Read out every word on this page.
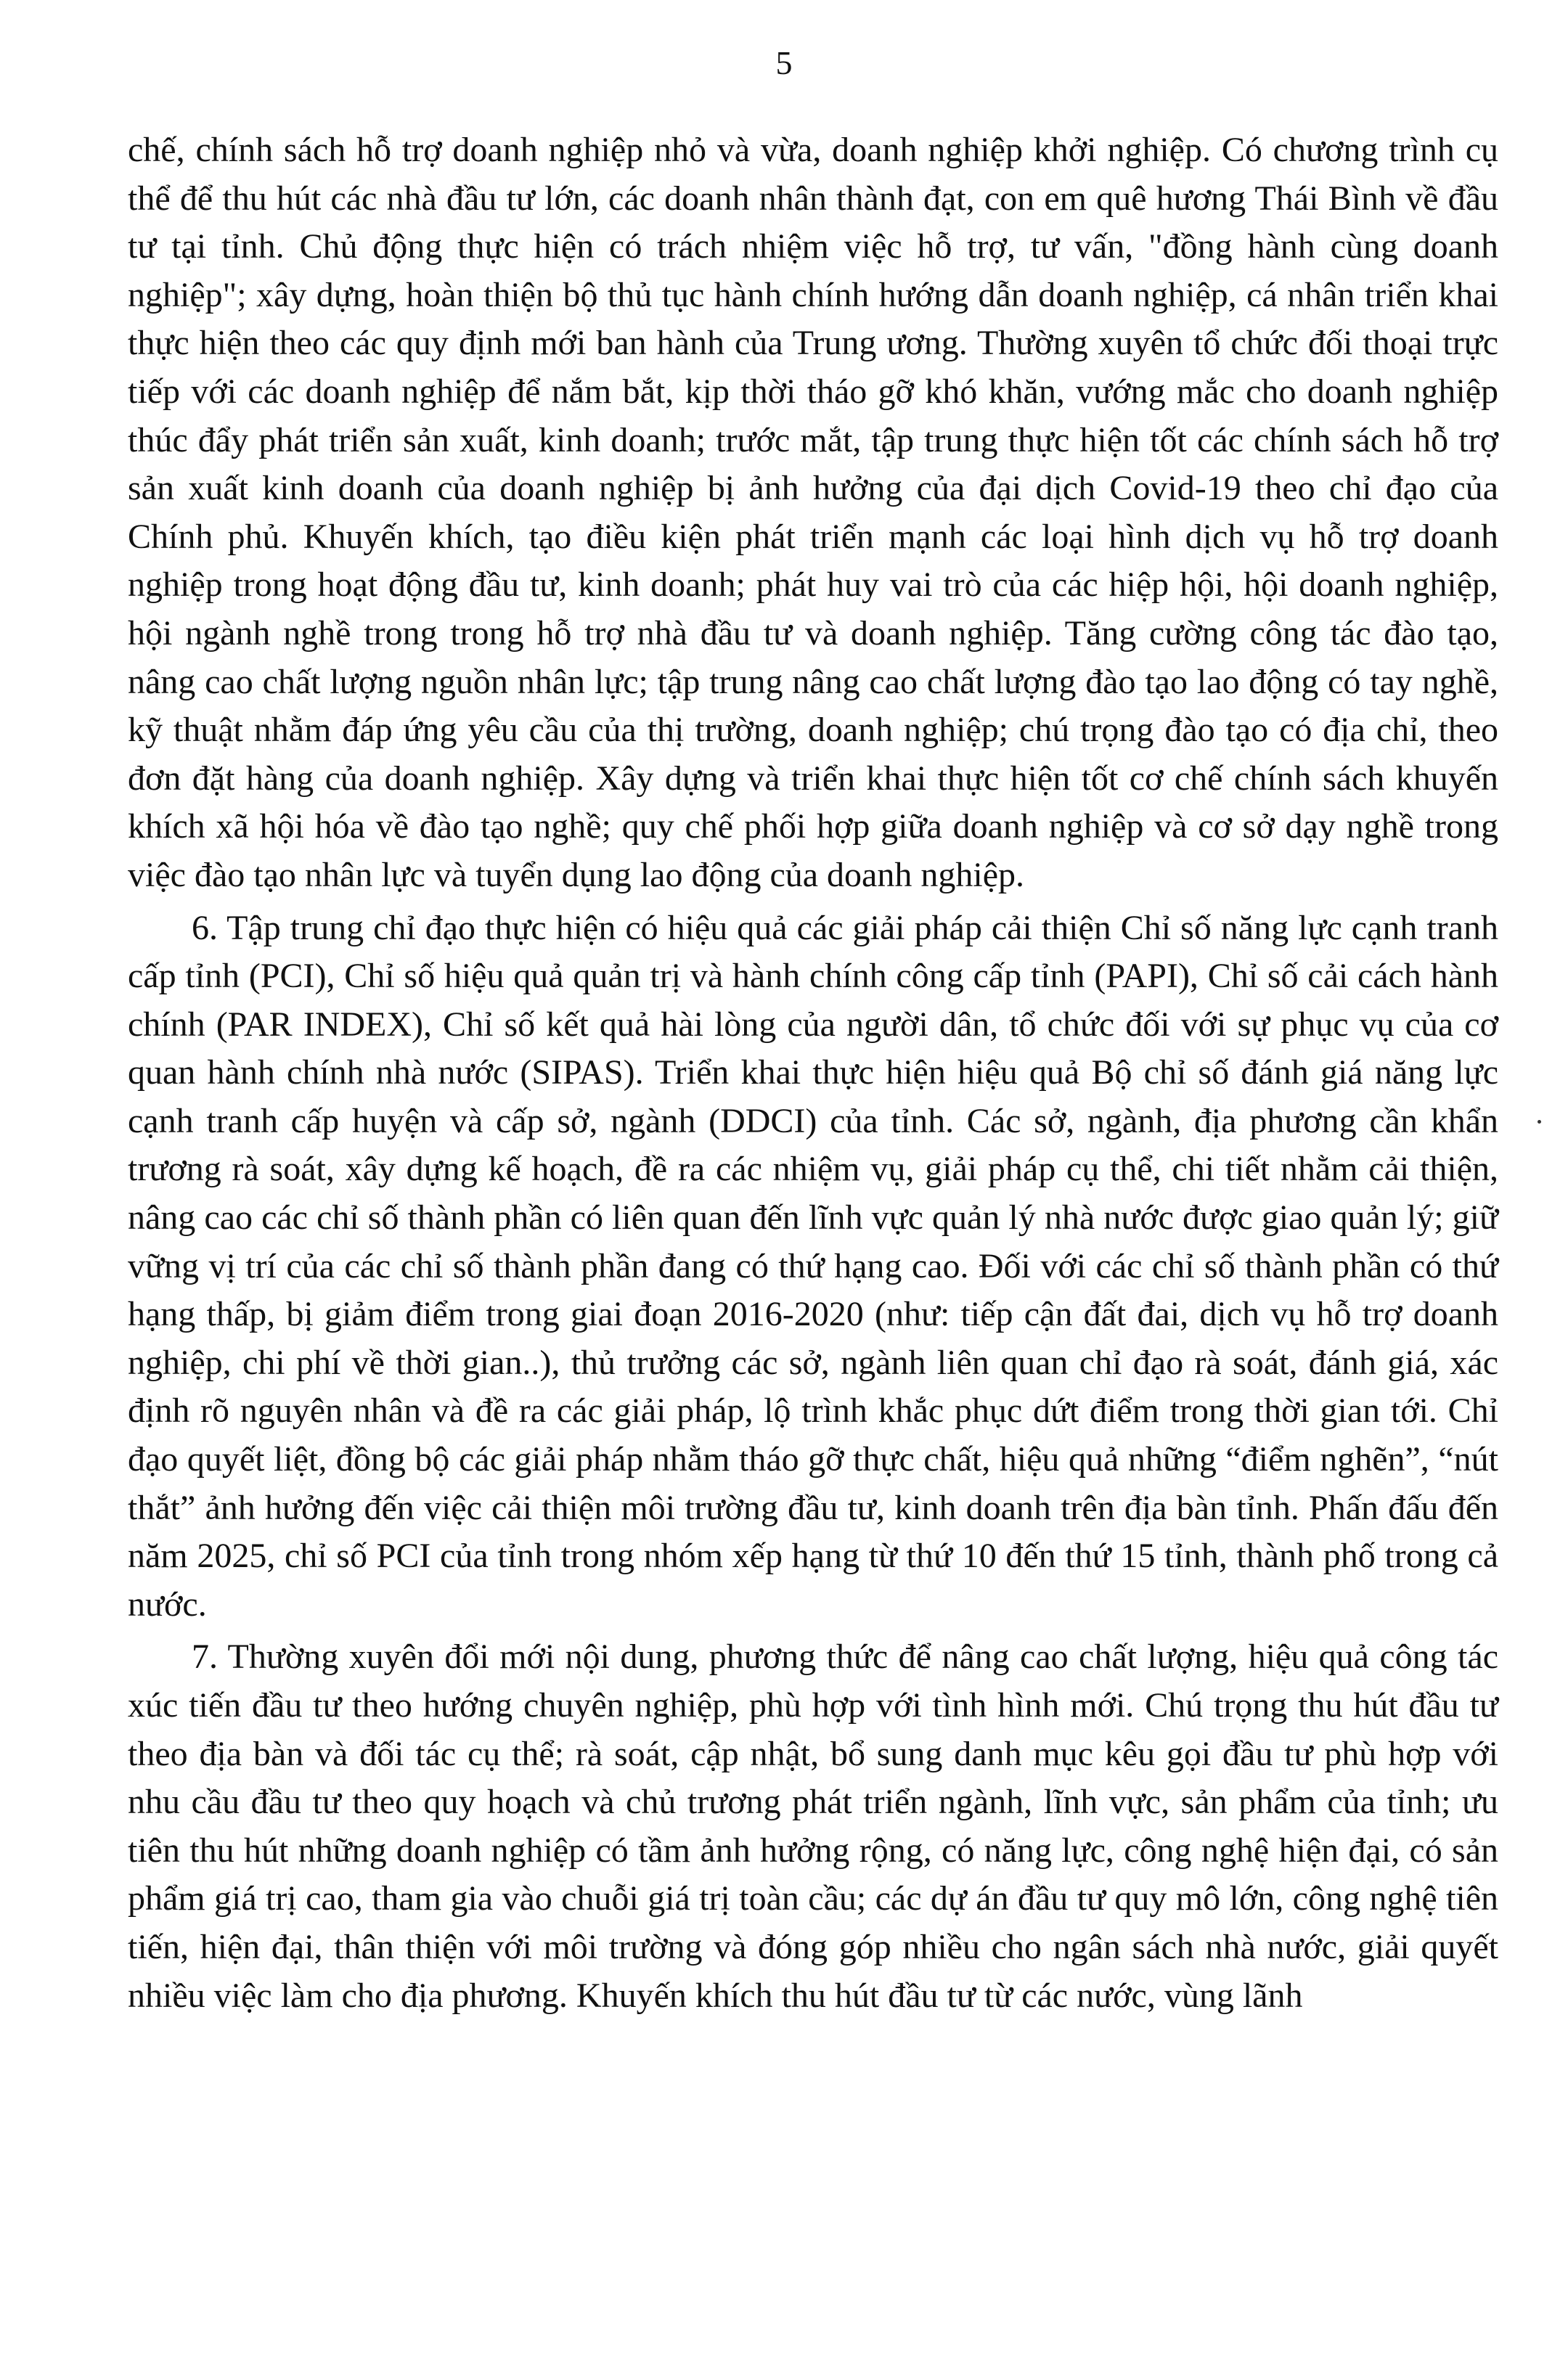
5

chế, chính sách hỗ trợ doanh nghiệp nhỏ và vừa, doanh nghiệp khởi nghiệp. Có chương trình cụ thể để thu hút các nhà đầu tư lớn, các doanh nhân thành đạt, con em quê hương Thái Bình về đầu tư tại tỉnh. Chủ động thực hiện có trách nhiệm việc hỗ trợ, tư vấn, "đồng hành cùng doanh nghiệp"; xây dựng, hoàn thiện bộ thủ tục hành chính hướng dẫn doanh nghiệp, cá nhân triển khai thực hiện theo các quy định mới ban hành của Trung ương. Thường xuyên tổ chức đối thoại trực tiếp với các doanh nghiệp để nắm bắt, kịp thời tháo gỡ khó khăn, vướng mắc cho doanh nghiệp thúc đẩy phát triển sản xuất, kinh doanh; trước mắt, tập trung thực hiện tốt các chính sách hỗ trợ sản xuất kinh doanh của doanh nghiệp bị ảnh hưởng của đại dịch Covid-19 theo chỉ đạo của Chính phủ. Khuyến khích, tạo điều kiện phát triển mạnh các loại hình dịch vụ hỗ trợ doanh nghiệp trong hoạt động đầu tư, kinh doanh; phát huy vai trò của các hiệp hội, hội doanh nghiệp, hội ngành nghề trong trong hỗ trợ nhà đầu tư và doanh nghiệp. Tăng cường công tác đào tạo, nâng cao chất lượng nguồn nhân lực; tập trung nâng cao chất lượng đào tạo lao động có tay nghề, kỹ thuật nhằm đáp ứng yêu cầu của thị trường, doanh nghiệp; chú trọng đào tạo có địa chỉ, theo đơn đặt hàng của doanh nghiệp. Xây dựng và triển khai thực hiện tốt cơ chế chính sách khuyến khích xã hội hóa về đào tạo nghề; quy chế phối hợp giữa doanh nghiệp và cơ sở dạy nghề trong việc đào tạo nhân lực và tuyển dụng lao động của doanh nghiệp.

6. Tập trung chỉ đạo thực hiện có hiệu quả các giải pháp cải thiện Chỉ số năng lực cạnh tranh cấp tỉnh (PCI), Chỉ số hiệu quả quản trị và hành chính công cấp tỉnh (PAPI), Chỉ số cải cách hành chính (PAR INDEX), Chỉ số kết quả hài lòng của người dân, tổ chức đối với sự phục vụ của cơ quan hành chính nhà nước (SIPAS). Triển khai thực hiện hiệu quả Bộ chỉ số đánh giá năng lực cạnh tranh cấp huyện và cấp sở, ngành (DDCI) của tỉnh. Các sở, ngành, địa phương cần khẩn trương rà soát, xây dựng kế hoạch, đề ra các nhiệm vụ, giải pháp cụ thể, chi tiết nhằm cải thiện, nâng cao các chỉ số thành phần có liên quan đến lĩnh vực quản lý nhà nước được giao quản lý; giữ vững vị trí của các chỉ số thành phần đang có thứ hạng cao. Đối với các chỉ số thành phần có thứ hạng thấp, bị giảm điểm trong giai đoạn 2016-2020 (như: tiếp cận đất đai, dịch vụ hỗ trợ doanh nghiệp, chi phí về thời gian..), thủ trưởng các sở, ngành liên quan chỉ đạo rà soát, đánh giá, xác định rõ nguyên nhân và đề ra các giải pháp, lộ trình khắc phục dứt điểm trong thời gian tới. Chỉ đạo quyết liệt, đồng bộ các giải pháp nhằm tháo gỡ thực chất, hiệu quả những “điểm nghẽn”, “nút thắt” ảnh hưởng đến việc cải thiện môi trường đầu tư, kinh doanh trên địa bàn tỉnh. Phấn đấu đến năm 2025, chỉ số PCI của tỉnh trong nhóm xếp hạng từ thứ 10 đến thứ 15 tỉnh, thành phố trong cả nước.

7. Thường xuyên đổi mới nội dung, phương thức để nâng cao chất lượng, hiệu quả công tác xúc tiến đầu tư theo hướng chuyên nghiệp, phù hợp với tình hình mới. Chú trọng thu hút đầu tư theo địa bàn và đối tác cụ thể; rà soát, cập nhật, bổ sung danh mục kêu gọi đầu tư phù hợp với nhu cầu đầu tư theo quy hoạch và chủ trương phát triển ngành, lĩnh vực, sản phẩm của tỉnh; ưu tiên thu hút những doanh nghiệp có tầm ảnh hưởng rộng, có năng lực, công nghệ hiện đại, có sản phẩm giá trị cao, tham gia vào chuỗi giá trị toàn cầu; các dự án đầu tư quy mô lớn, công nghệ tiên tiến, hiện đại, thân thiện với môi trường và đóng góp nhiều cho ngân sách nhà nước, giải quyết nhiều việc làm cho địa phương. Khuyến khích thu hút đầu tư từ các nước, vùng lãnh
